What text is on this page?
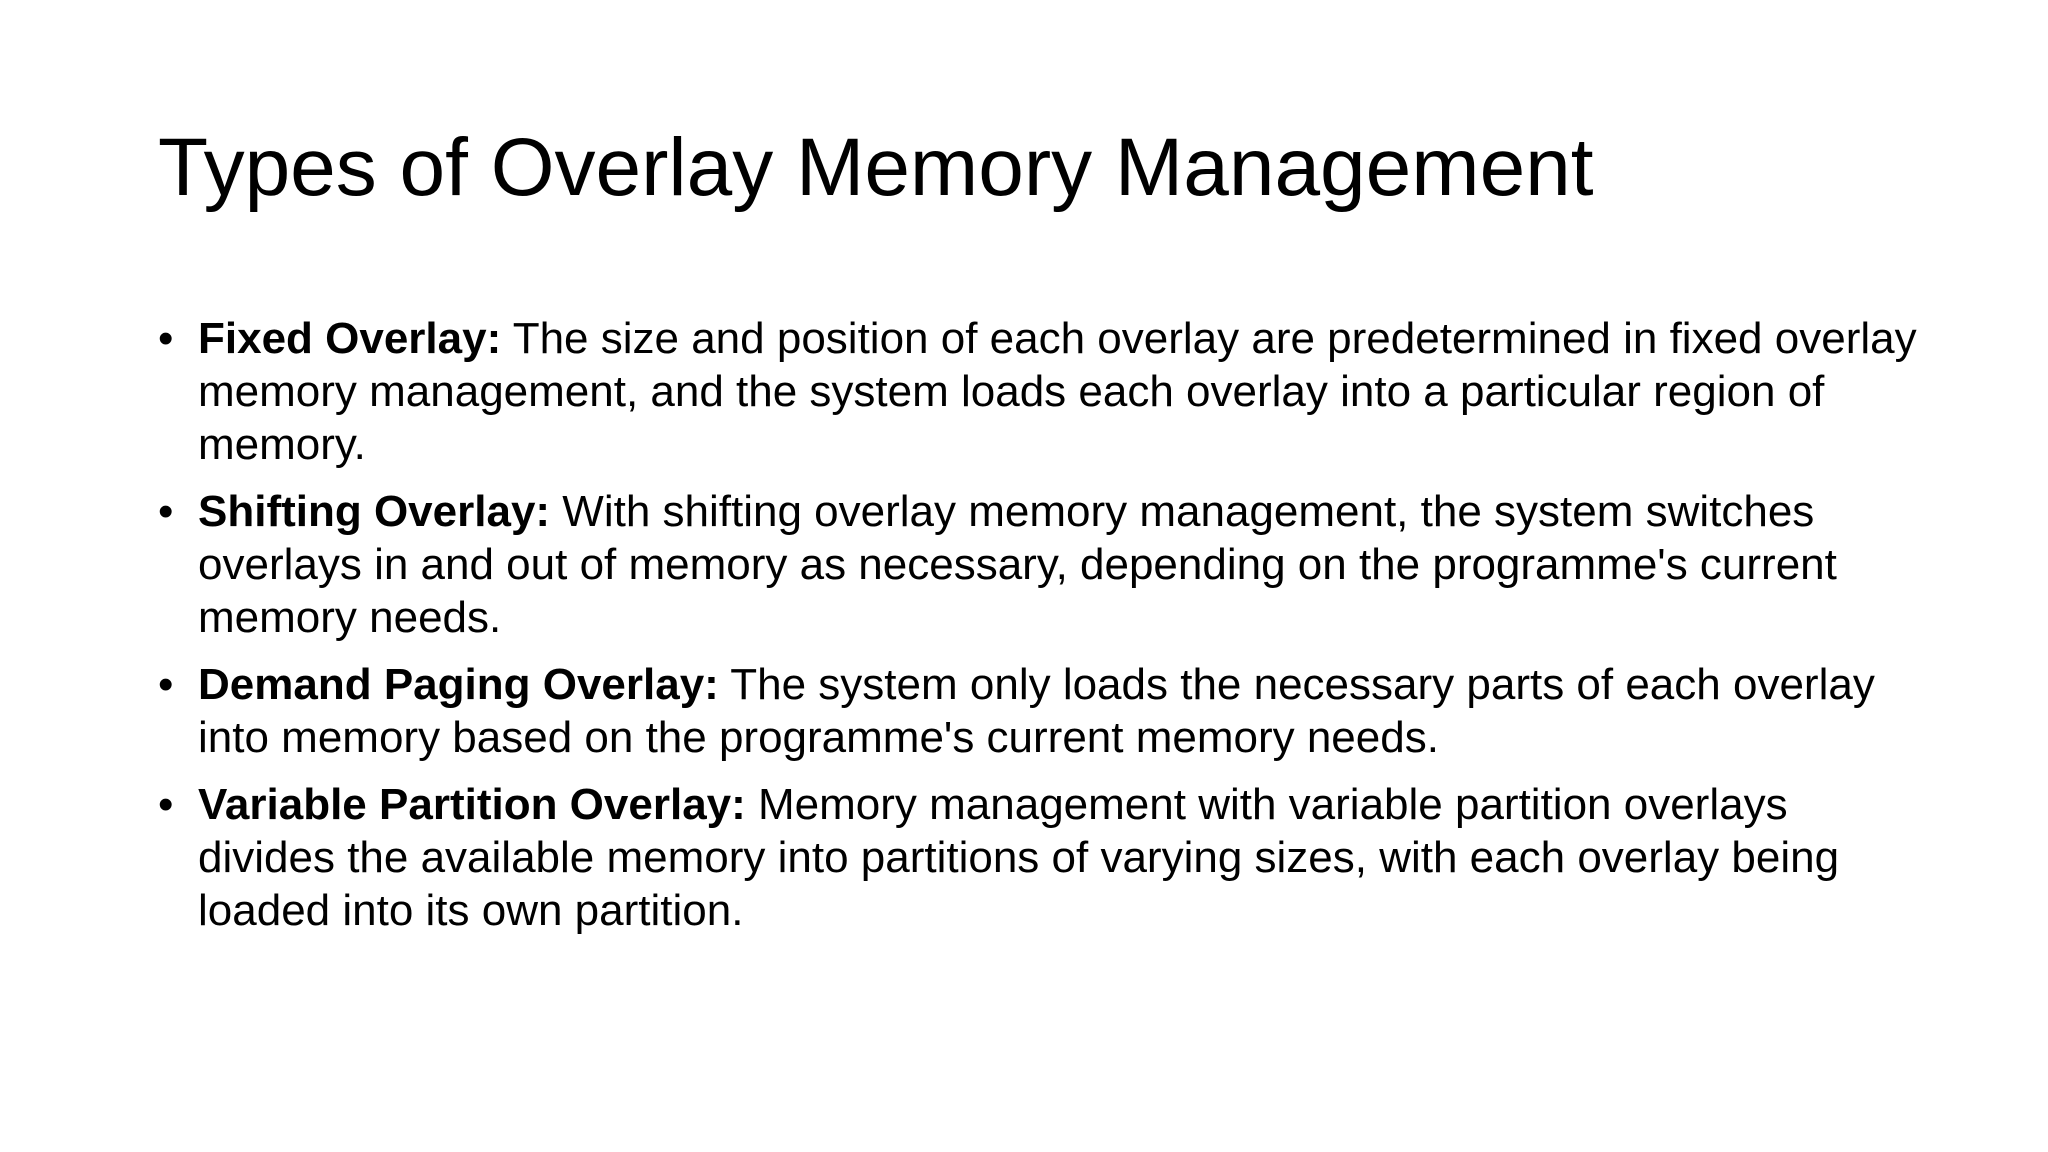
Types of Overlay Memory Management
• Fixed Overlay: The size and position of each overlay are predetermined in fixed overlay memory management, and the system loads each overlay into a particular region of memory.
• Shifting Overlay: With shifting overlay memory management, the system switches overlays in and out of memory as necessary, depending on the programme's current memory needs.
• Demand Paging Overlay: The system only loads the necessary parts of each overlay into memory based on the programme's current memory needs.
• Variable Partition Overlay: Memory management with variable partition overlays divides the available memory into partitions of varying sizes, with each overlay being loaded into its own partition.
